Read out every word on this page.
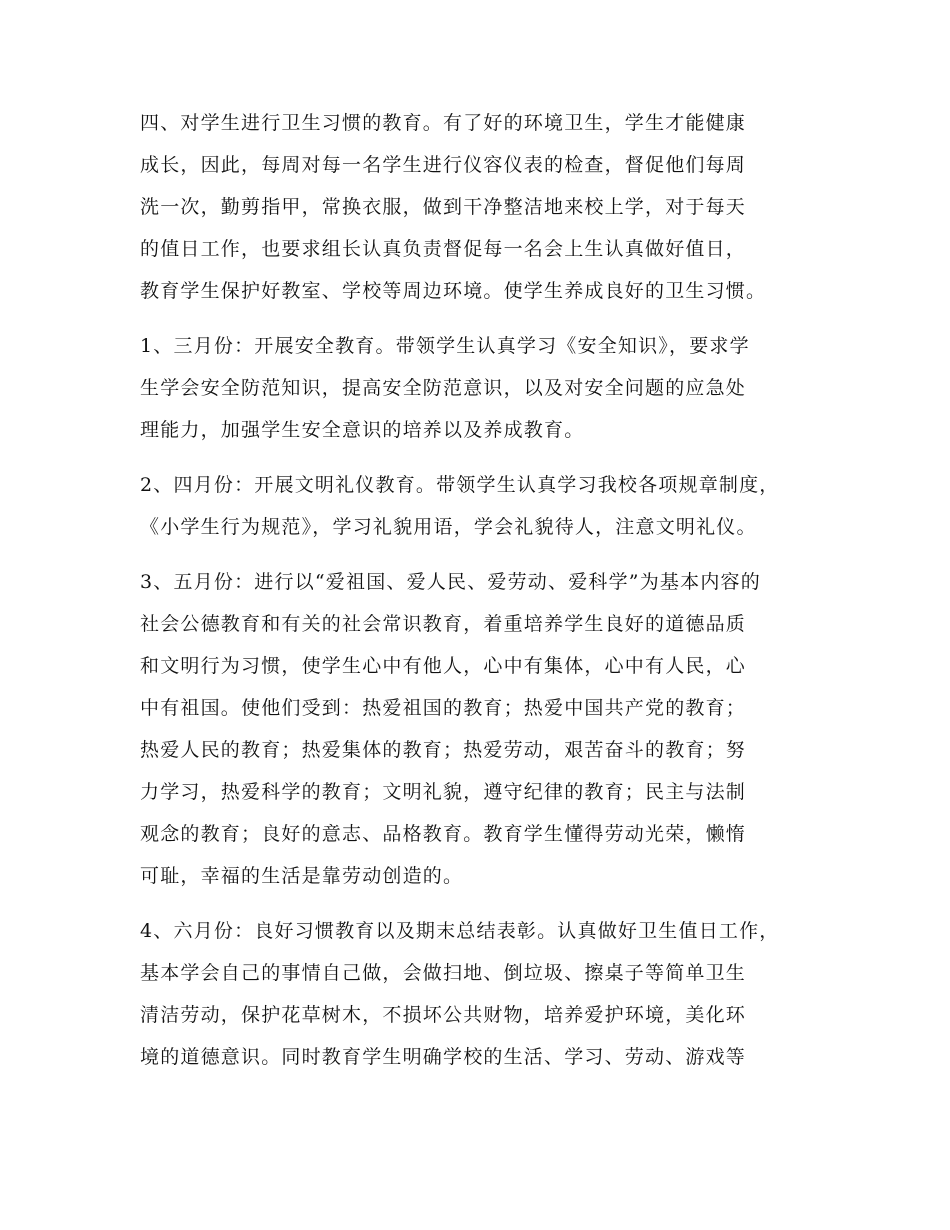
四、对学生进行卫生习惯的教育。有了好的环境卫生，学生才能健康
成长，因此，每周对每一名学生进行仪容仪表的检查，督促他们每周
洗一次，勤剪指甲，常换衣服，做到干净整洁地来校上学，对于每天
的值日工作，也要求组长认真负责督促每一名会上生认真做好值日，
教育学生保护好教室、学校等周边环境。使学生养成良好的卫生习惯。

1、三月份：开展安全教育。带领学生认真学习《安全知识》，要求学
生学会安全防范知识，提高安全防范意识，以及对安全问题的应急处
理能力，加强学生安全意识的培养以及养成教育。

2、四月份：开展文明礼仪教育。带领学生认真学习我校各项规章制度，
《小学生行为规范》，学习礼貌用语，学会礼貌待人，注意文明礼仪。

3、五月份：进行以“爱祖国、爱人民、爱劳动、爱科学”为基本内容的
社会公德教育和有关的社会常识教育，着重培养学生良好的道德品质
和文明行为习惯，使学生心中有他人，心中有集体，心中有人民，心
中有祖国。使他们受到：热爱祖国的教育；热爱中国共产党的教育；
热爱人民的教育；热爱集体的教育；热爱劳动，艰苦奋斗的教育；努
力学习，热爱科学的教育；文明礼貌，遵守纪律的教育；民主与法制
观念的教育；良好的意志、品格教育。教育学生懂得劳动光荣，懒惰
可耻，幸福的生活是靠劳动创造的。

4、六月份：良好习惯教育以及期末总结表彰。认真做好卫生值日工作，
基本学会自己的事情自己做，会做扫地、倒垃圾、擦桌子等简单卫生
清洁劳动，保护花草树木，不损坏公共财物，培养爱护环境，美化环
境的道德意识。同时教育学生明确学校的生活、学习、劳动、游戏等
